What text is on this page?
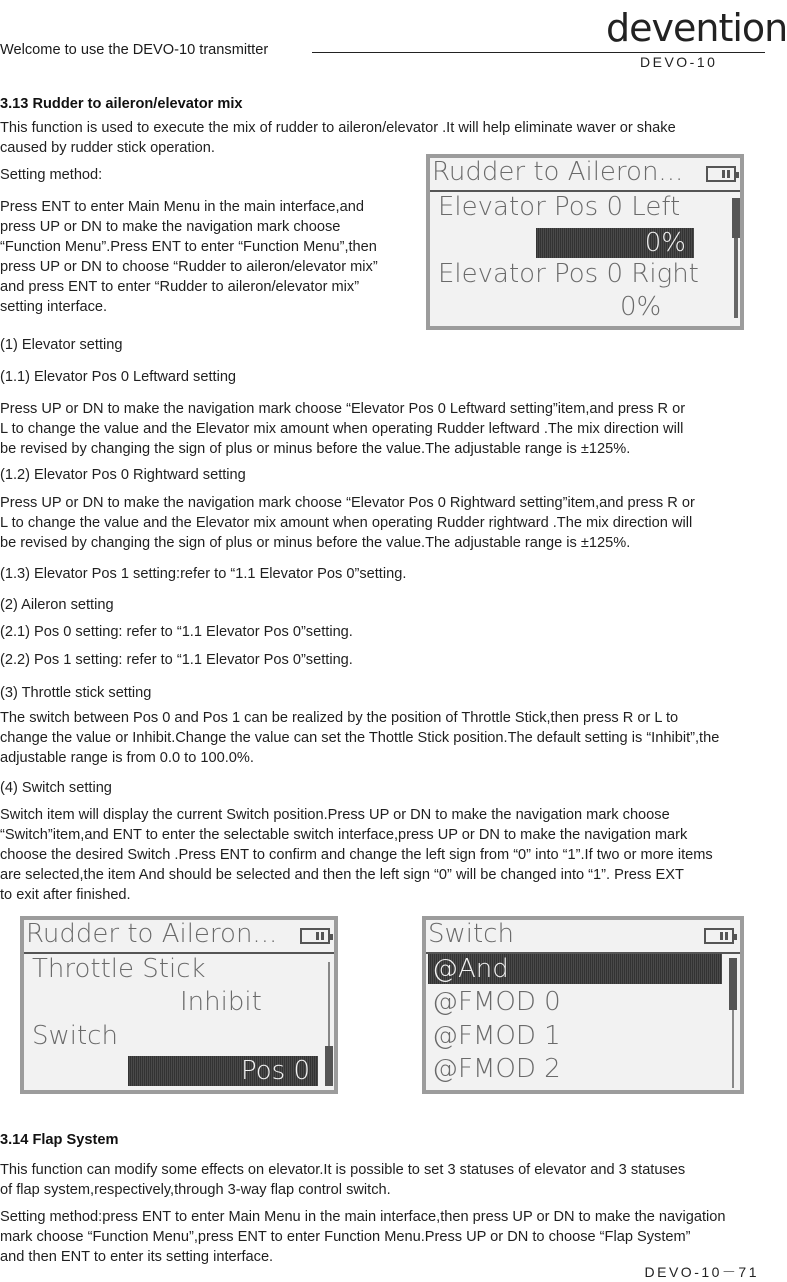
Welcome to use the DEVO-10 transmitter	devention
DEVO-10
3.13 Rudder to aileron/elevator mix
This function is used to execute the mix of rudder to aileron/elevator .It will help eliminate waver or shake
caused by rudder stick operation.
Setting method:
Press ENT to enter Main Menu in the main interface,and
press UP or DN to make the navigation mark choose
“Function Menu”.Press ENT to enter “Function Menu”,then
press UP or DN to choose “Rudder to aileron/elevator mix”
and press ENT to enter “Rudder to aileron/elevator mix”
setting interface.
Rudder to Aileron...
Elevator Pos 0 Left
0%
Elevator Pos 0 Right
0%
(1) Elevator setting
(1.1) Elevator Pos 0 Leftward setting
Press UP or DN to make the navigation mark choose “Elevator Pos 0 Leftward setting”item,and press R or
L to change the value and the Elevator mix amount when operating Rudder leftward .The mix direction will
be revised by changing the sign of plus or minus before the value.The adjustable range is ±125%.
(1.2) Elevator Pos 0 Rightward setting
Press UP or DN to make the navigation mark choose “Elevator Pos 0 Rightward setting”item,and press R or
L to change the value and the Elevator mix amount when operating Rudder rightward .The mix direction will
be revised by changing the sign of plus or minus before the value.The adjustable range is ±125%.
(1.3) Elevator Pos 1 setting:refer to “1.1 Elevator Pos 0”setting.
(2) Aileron setting
(2.1) Pos 0 setting: refer to “1.1 Elevator Pos 0”setting.
(2.2) Pos 1 setting: refer to “1.1 Elevator Pos 0”setting.
(3) Throttle stick setting
The switch between Pos 0 and Pos 1 can be realized by the position of Throttle Stick,then press R or L to
change the value or Inhibit.Change the value can set the Thottle Stick position.The default setting is “Inhibit”,the
adjustable range is from 0.0 to 100.0%.
(4) Switch setting
Switch item will display the current Switch position.Press UP or DN to make the navigation mark choose
“Switch”item,and ENT to enter the selectable switch interface,press UP or DN to make the navigation mark
choose the desired Switch .Press ENT to confirm and change the left sign from “0” into “1”.If two or more items
are selected,the item And should be selected and then the left sign “0” will be changed into “1”. Press EXT
to exit after finished.
Rudder to Aileron...
Throttle Stick
Inhibit
Switch
Pos 0
Switch
@And
@FMOD 0
@FMOD 1
@FMOD 2
3.14 Flap System
This function can modify some effects on elevator.It is possible to set 3 statuses of elevator and 3 statuses
of flap system,respectively,through 3-way flap control switch.
Setting method:press ENT to enter Main Menu in the main interface,then press UP or DN to make the navigation
mark choose “Function Menu”,press ENT to enter Function Menu.Press UP or DN to choose “Flap System”
and then ENT to enter its setting interface.
DEVO-10－71
